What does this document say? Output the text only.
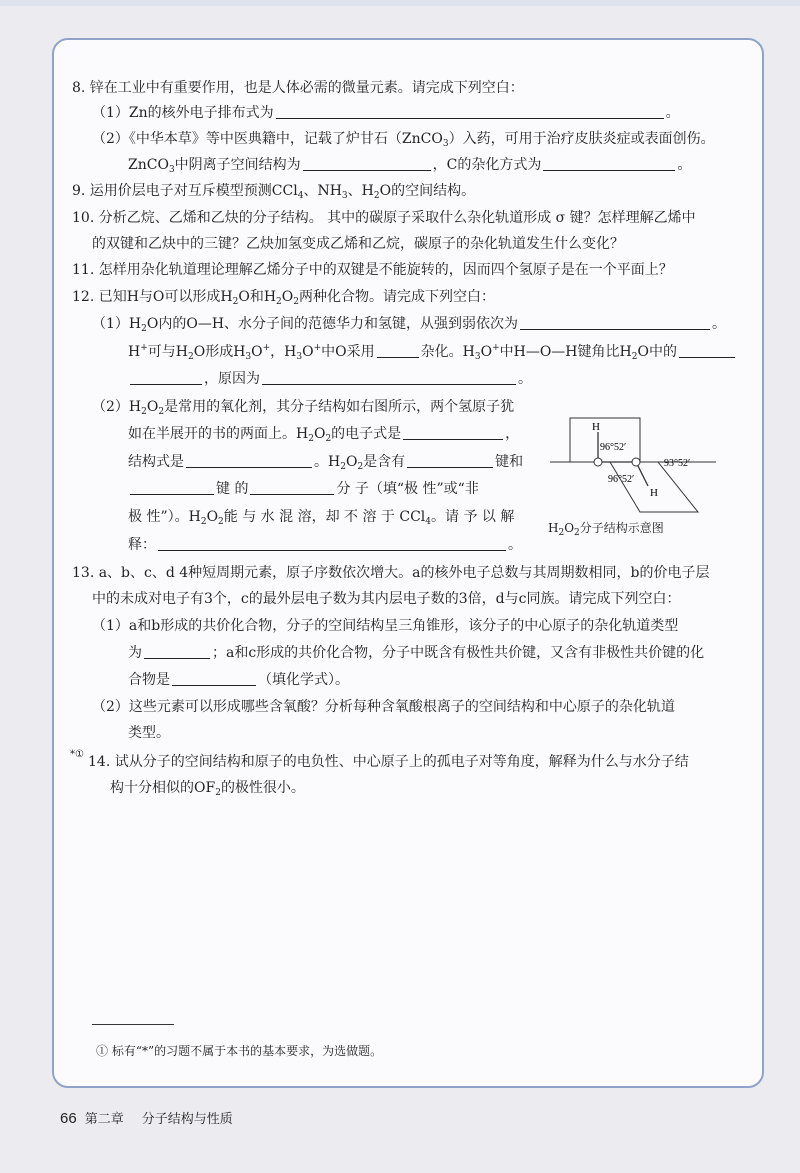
8. 锌在工业中有重要作用，也是人体必需的微量元素。请完成下列空白：
（1）Zn的核外电子排布式为	。
（2）《中华本草》等中医典籍中，记载了炉甘石（ZnCO$_3$）入药，可用于治疗皮肤炎症或表面创伤。
ZnCO$_3$中阴离子空间结构为	，C的杂化方式为	。
9. 运用价层电子对互斥模型预测CCl$_4$、$NH_3$、$H_2O$的空间结构。
10. 分析乙烷、乙烯和乙炔的分子结构。 其中的碳原子采取什么杂化轨道形成 σ 键？怎样理解乙烯中
的双键和乙炔中的三键？乙炔加氢变成乙烯和乙烷，碳原子的杂化轨道发生什么变化？
11. 怎样用杂化轨道理论理解乙烯分子中的双键是不能旋转的，因而四个氢原子是在一个平面上？
12. 已知H与O可以形成$H_2O$和$H_2O_2$两种化合物。请完成下列空白：
$(1)H_2O$内的O—H、水分子间的范德华力和氢键，从强到弱依次为	。
H+可与$H_2O$形成$H_3O^+$，$H_3O^+$中O采用	杂化。$H_3O^+$中H—O—H键角比$H_2O$中的
，原因为	。
$(2)H_2O_2$是常用的氧化剂，其分子结构如右图所示，两个氢原子犹
如在半展开的书的两面上。$H_2O_2$的电子式是	，
结构式是	。$H_2O_2$是含有	键和
键 的	分 子（填“极 性”或“非
极 性”）。$H_2O_2$能 与 水 混 溶，却 不 溶 于 CCl$_4$。请 予 以 解
释：	。
H
H
96°52′
93°52′
96°52′
$H_2O_2$分子结构示意图
13. a、b、c、d 4种短周期元素，原子序数依次增大。a的核外电子总数与其周期数相同，b的价电子层
中的未成对电子有3个，c的最外层电子数为其内层电子数的3倍，d与c同族。请完成下列空白：
（1）a和b形成的共价化合物，分子的空间结构呈三角锥形，该分子的中心原子的杂化轨道类型
为	；a和c形成的共价化合物，分子中既含有极性共价键，又含有非极性共价键的化
合物是	（填化学式）。
（2）这些元素可以形成哪些含氧酸？分析每种含氧酸根离子的空间结构和中心原子的杂化轨道
类型。
*① 14. 试从分子的空间结构和原子的电负性、中心原子上的孤电子对等角度，解释为什么与水分子结
构十分相似的$OF_2$的极性很小。
① 标有“*”的习题不属于本书的基本要求，为选做题。
66 第二章 分子结构与性质
